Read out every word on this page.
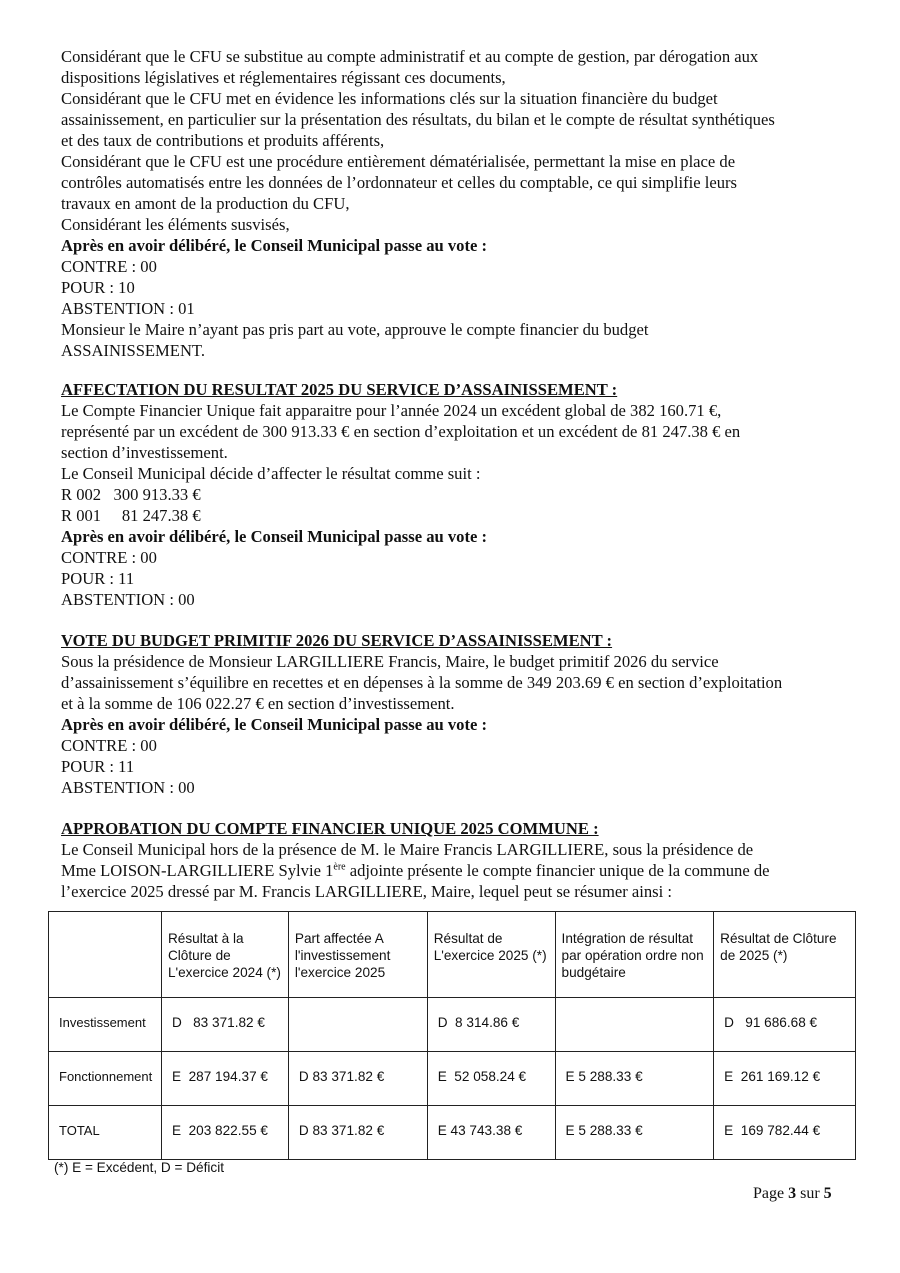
Considérant que le CFU se substitue au compte administratif et au compte de gestion, par dérogation aux
dispositions législatives et réglementaires régissant ces documents,
Considérant que le CFU met en évidence les informations clés sur la situation financière du budget
assainissement, en particulier sur la présentation des résultats, du bilan et le compte de résultat synthétiques
et des taux de contributions et produits afférents,
Considérant que le CFU est une procédure entièrement dématérialisée, permettant la mise en place de
contrôles automatisés entre les données de l’ordonnateur et celles du comptable, ce qui simplifie leurs
travaux en amont de la production du CFU,
Considérant les éléments susvisés,
Après en avoir délibéré, le Conseil Municipal passe au vote :
CONTRE : 00
POUR : 10
ABSTENTION : 01
Monsieur le Maire n’ayant pas pris part au vote, approuve le compte financier du budget
ASSAINISSEMENT.
AFFECTATION DU RESULTAT 2025 DU SERVICE D’ASSAINISSEMENT :
Le Compte Financier Unique fait apparaitre pour l’année 2024 un excédent global de 382 160.71 €,
représenté par un excédent de 300 913.33 € en section d’exploitation et un excédent de 81 247.38 € en
section d’investissement.
Le Conseil Municipal décide d’affecter le résultat comme suit :
R 002   300 913.33 €
R 001     81 247.38 €
Après en avoir délibéré, le Conseil Municipal passe au vote :
CONTRE : 00
POUR : 11
ABSTENTION : 00
VOTE DU BUDGET PRIMITIF 2026 DU SERVICE D’ASSAINISSEMENT :
Sous la présidence de Monsieur LARGILLIERE Francis, Maire, le budget primitif 2026 du service
d’assainissement s’équilibre en recettes et en dépenses à la somme de 349 203.69 € en section d’exploitation
et à la somme de 106 022.27 € en section d’investissement.
Après en avoir délibéré, le Conseil Municipal passe au vote :
CONTRE : 00
POUR : 11
ABSTENTION : 00
APPROBATION DU COMPTE FINANCIER UNIQUE 2025 COMMUNE :
Le Conseil Municipal hors de la présence de M. le Maire Francis LARGILLIERE, sous la présidence de
Mme LOISON-LARGILLIERE Sylvie 1ère adjointe présente le compte financier unique de la commune de
l’exercice 2025 dressé par M. Francis LARGILLIERE, Maire, lequel peut se résumer ainsi :
	Résultat à la Clôture de L'exercice 2024 (*)	Part affectée A l'investissement l'exercice 2025	Résultat de L'exercice 2025 (*)	Intégration de résultat par opération ordre non budgétaire	Résultat de Clôture de 2025 (*)
Investissement	D   83 371.82 €		D  8 314.86 €		D   91 686.68 €
Fonctionnement	E  287 194.37 €	D 83 371.82 €	E  52 058.24 €	E 5 288.33 €	E  261 169.12 €
TOTAL	E  203 822.55 €	D 83 371.82 €	E 43 743.38 €	E 5 288.33 €	E  169 782.44 €
(*) E = Excédent, D = Déficit
Page 3 sur 5
